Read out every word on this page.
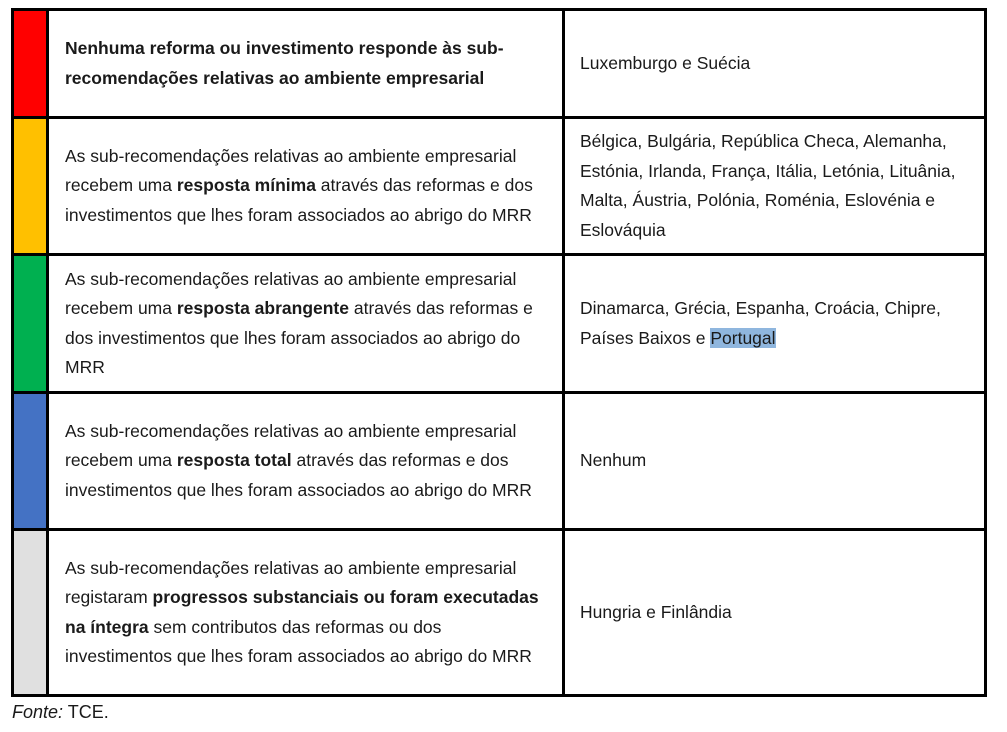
	Nenhuma reforma ou investimento responde às sub-recomendações relativas ao ambiente empresarial	Luxemburgo e Suécia
	As sub-recomendações relativas ao ambiente empresarial recebem uma resposta mínima através das reformas e dos investimentos que lhes foram associados ao abrigo do MRR	Bélgica, Bulgária, República Checa, Alemanha, Estónia, Irlanda, França, Itália, Letónia, Lituânia, Malta, Áustria, Polónia, Roménia, Eslovénia e Eslováquia
	As sub-recomendações relativas ao ambiente empresarial recebem uma resposta abrangente através das reformas e dos investimentos que lhes foram associados ao abrigo do MRR	Dinamarca, Grécia, Espanha, Croácia, Chipre, Países Baixos e Portugal
	As sub-recomendações relativas ao ambiente empresarial recebem uma resposta total através das reformas e dos investimentos que lhes foram associados ao abrigo do MRR	Nenhum
	As sub-recomendações relativas ao ambiente empresarial registaram progressos substanciais ou foram executadas na íntegra sem contributos das reformas ou dos investimentos que lhes foram associados ao abrigo do MRR	Hungria e Finlândia
Fonte: TCE.
